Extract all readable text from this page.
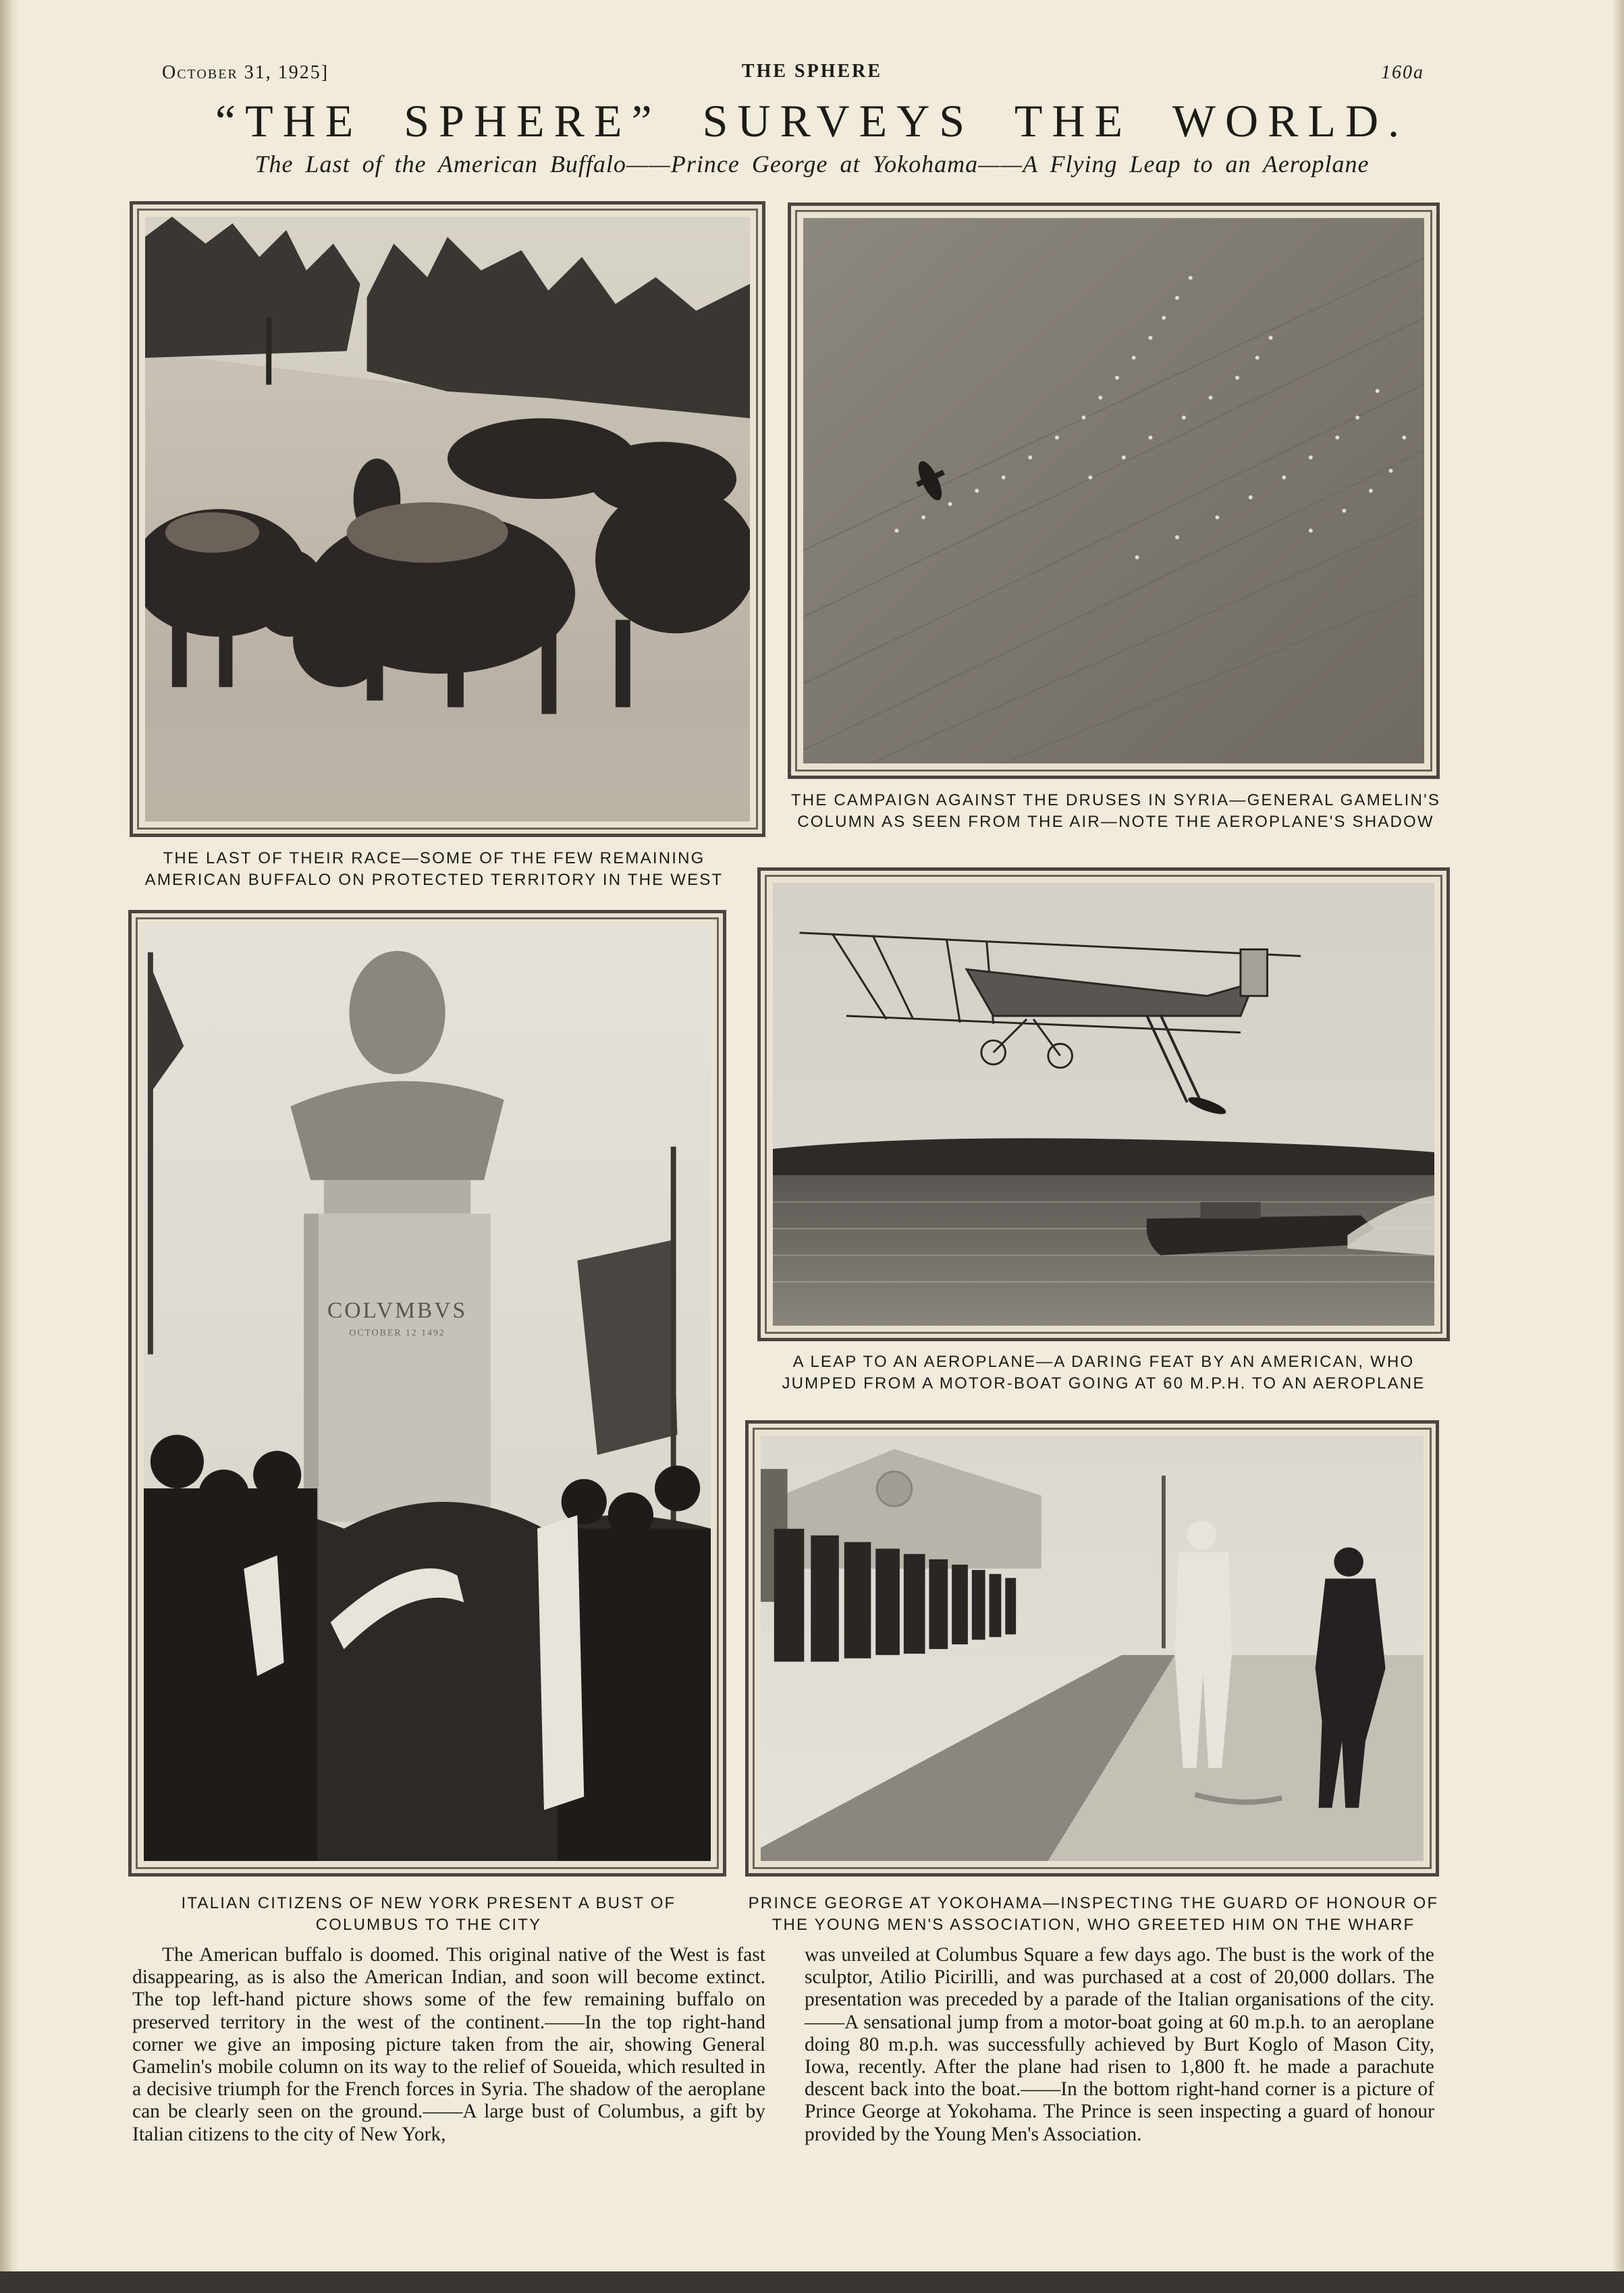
October 31, 1925]	THE SPHERE	160a
“THE SPHERE” SURVEYS THE WORLD.
The Last of the American Buffalo——Prince George at Yokohama——A Flying Leap to an Aeroplane

THE CAMPAIGN AGAINST THE DRUSES IN SYRIA—GENERAL GAMELIN'S COLUMN AS SEEN FROM THE AIR—NOTE THE AEROPLANE'S SHADOW

THE LAST OF THEIR RACE—SOME OF THE FEW REMAINING AMERICAN BUFFALO ON PROTECTED TERRITORY IN THE WEST

COLVMBVS
OCTOBER 12 1492

A LEAP TO AN AEROPLANE—A DARING FEAT BY AN AMERICAN, WHO JUMPED FROM A MOTOR-BOAT GOING AT 60 M.P.H. TO AN AEROPLANE

ITALIAN CITIZENS OF NEW YORK PRESENT A BUST OF COLUMBUS TO THE CITY

PRINCE GEORGE AT YOKOHAMA—INSPECTING THE GUARD OF HONOUR OF THE YOUNG MEN'S ASSOCIATION, WHO GREETED HIM ON THE WHARF

The American buffalo is doomed. This original native of the West is fast disappearing, as is also the American Indian, and soon will become extinct. The top left-hand picture shows some of the few remaining buffalo on preserved territory in the west of the continent.——In the top right-hand corner we give an imposing picture taken from the air, showing General Gamelin's mobile column on its way to the relief of Soueida, which resulted in a decisive triumph for the French forces in Syria. The shadow of the aeroplane can be clearly seen on the ground.——A large bust of Columbus, a gift by Italian citizens to the city of New York,

was unveiled at Columbus Square a few days ago. The bust is the work of the sculptor, Atilio Picirilli, and was purchased at a cost of 20,000 dollars. The presentation was preceded by a parade of the Italian organisations of the city.——A sensational jump from a motor-boat going at 60 m.p.h. to an aeroplane doing 80 m.p.h. was successfully achieved by Burt Koglo of Mason City, Iowa, recently. After the plane had risen to 1,800 ft. he made a parachute descent back into the boat.——In the bottom right-hand corner is a picture of Prince George at Yokohama. The Prince is seen inspecting a guard of honour provided by the Young Men's Association.
